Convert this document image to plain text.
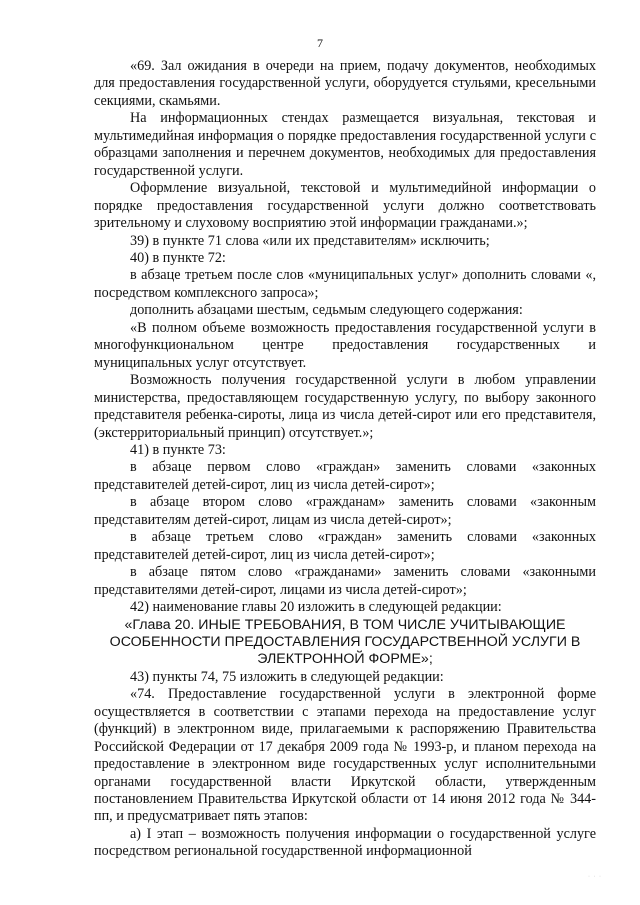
7

«69. Зал ожидания в очереди на прием, подачу документов, необходимых для предоставления государственной услуги, оборудуется стульями, кресельными секциями, скамьями.

На информационных стендах размещается визуальная, текстовая и мультимедийная информация о порядке предоставления государственной услуги с образцами заполнения и перечнем документов, необходимых для предоставления государственной услуги.

Оформление визуальной, текстовой и мультимедийной информации о порядке предоставления государственной услуги должно соответствовать зрительному и слуховому восприятию этой информации гражданами.»;

39) в пункте 71 слова «или их представителям» исключить;

40) в пункте 72:

в абзаце третьем после слов «муниципальных услуг» дополнить словами «, посредством комплексного запроса»;

дополнить абзацами шестым, седьмым следующего содержания:

«В полном объеме возможность предоставления государственной услуги в многофункциональном центре предоставления государственных и муниципальных услуг отсутствует.

Возможность получения государственной услуги в любом управлении министерства, предоставляющем государственную услугу, по выбору законного представителя ребенка-сироты, лица из числа детей-сирот или его представителя, (экстерриториальный принцип) отсутствует.»;

41) в пункте 73:

в абзаце первом слово «граждан» заменить словами «законных представителей детей-сирот, лиц из числа детей-сирот»;

в абзаце втором слово «гражданам» заменить словами «законным представителям детей-сирот, лицам из числа детей-сирот»;

в абзаце третьем слово «граждан» заменить словами «законных представителей детей-сирот, лиц из числа детей-сирот»;

в абзаце пятом слово «гражданами» заменить словами «законными представителями детей-сирот, лицами из числа детей-сирот»;

42) наименование главы 20 изложить в следующей редакции:

«Глава 20. ИНЫЕ ТРЕБОВАНИЯ, В ТОМ ЧИСЛЕ УЧИТЫВАЮЩИЕ ОСОБЕННОСТИ ПРЕДОСТАВЛЕНИЯ ГОСУДАРСТВЕННОЙ УСЛУГИ В ЭЛЕКТРОННОЙ ФОРМЕ»;

43) пункты 74, 75 изложить в следующей редакции:

«74. Предоставление государственной услуги в электронной форме осуществляется в соответствии с этапами перехода на предоставление услуг (функций) в электронном виде, прилагаемыми к распоряжению Правительства Российской Федерации от 17 декабря 2009 года № 1993-р, и планом перехода на предоставление в электронном виде государственных услуг исполнительными органами государственной власти Иркутской области, утвержденным постановлением Правительства Иркутской области от 14 июня 2012 года № 344-пп, и предусматривает пять этапов:

а) I этап – возможность получения информации о государственной услуге посредством региональной государственной информационной

· · ·
